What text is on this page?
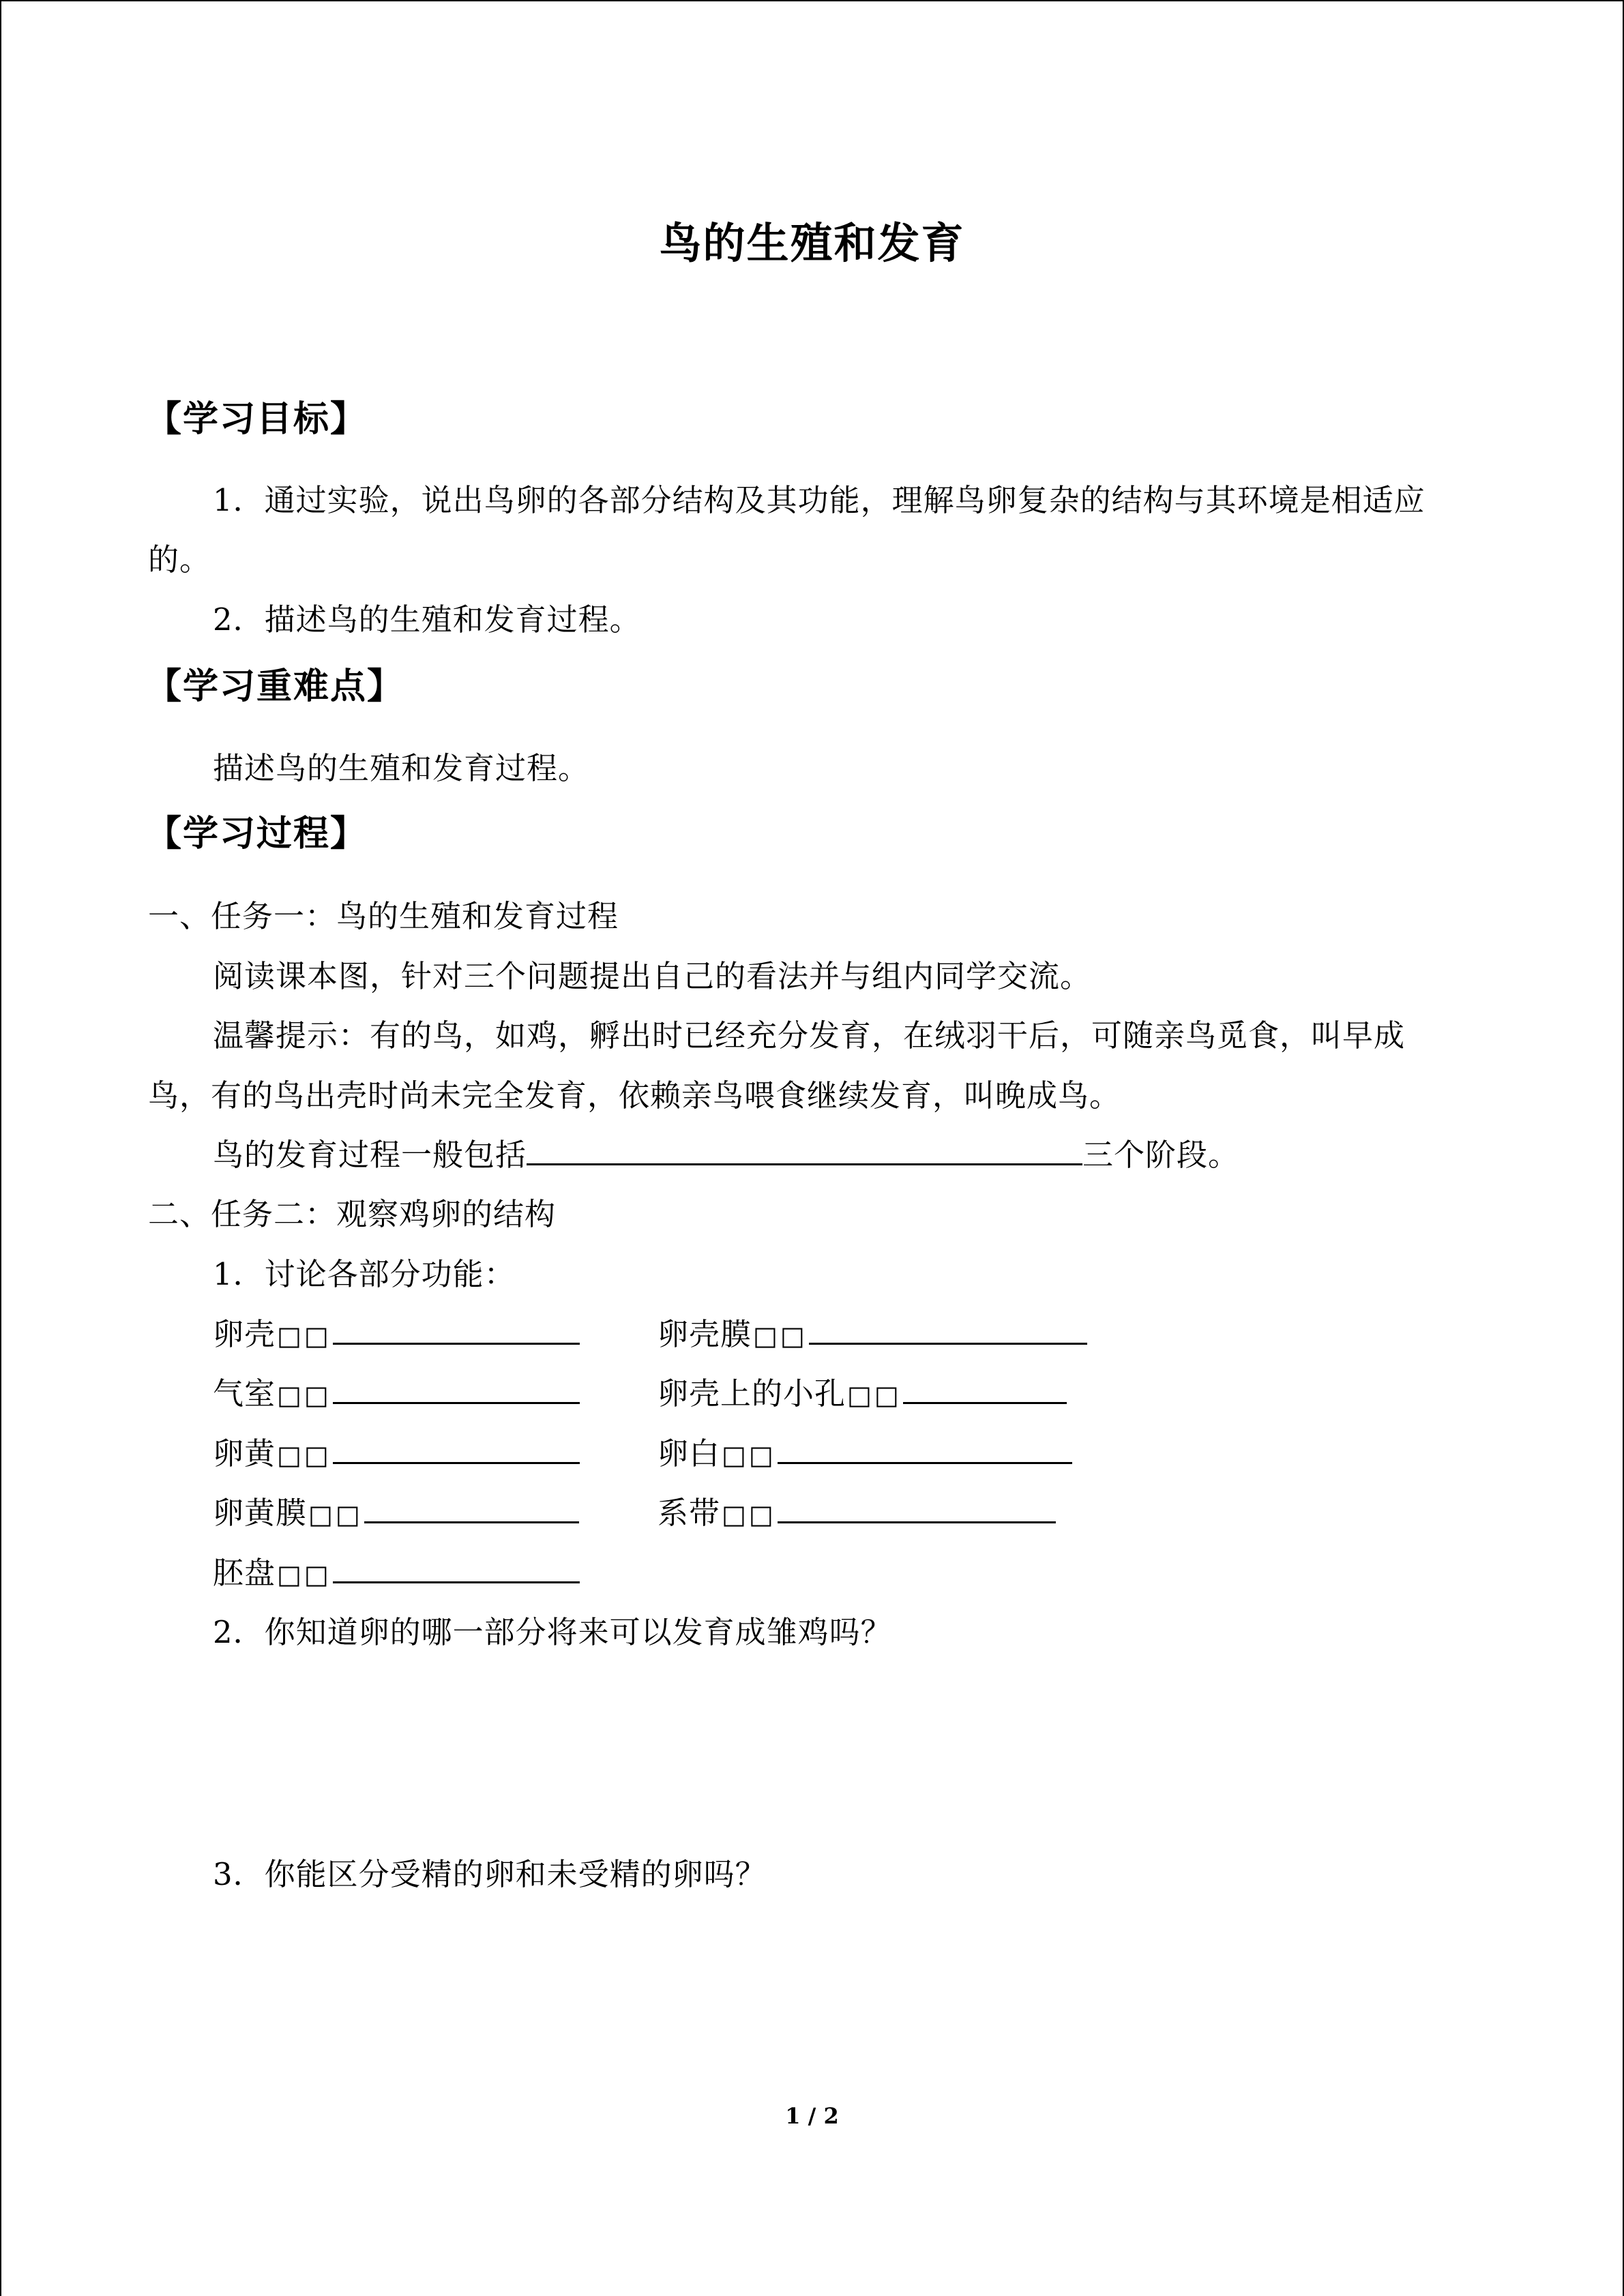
鸟的生殖和发育
【学习目标】
1．通过实验，说出鸟卵的各部分结构及其功能，理解鸟卵复杂的结构与其环境是相适应
的。
2．描述鸟的生殖和发育过程。
【学习重难点】
描述鸟的生殖和发育过程。
【学习过程】
一、任务一：鸟的生殖和发育过程
阅读课本图，针对三个问题提出自己的看法并与组内同学交流。
温馨提示：有的鸟，如鸡，孵出时已经充分发育，在绒羽干后，可随亲鸟觅食，叫早成
鸟，有的鸟出壳时尚未完全发育，依赖亲鸟喂食继续发育，叫晚成鸟。
鸟的发育过程一般包括	三个阶段。
二、任务二：观察鸡卵的结构
1．讨论各部分功能：
卵壳□□	卵壳膜□□
气室□□	卵壳上的小孔□□
卵黄□□	卵白□□
卵黄膜□□	系带□□
胚盘□□
2．你知道卵的哪一部分将来可以发育成雏鸡吗？
3．你能区分受精的卵和未受精的卵吗？
1 / 2
